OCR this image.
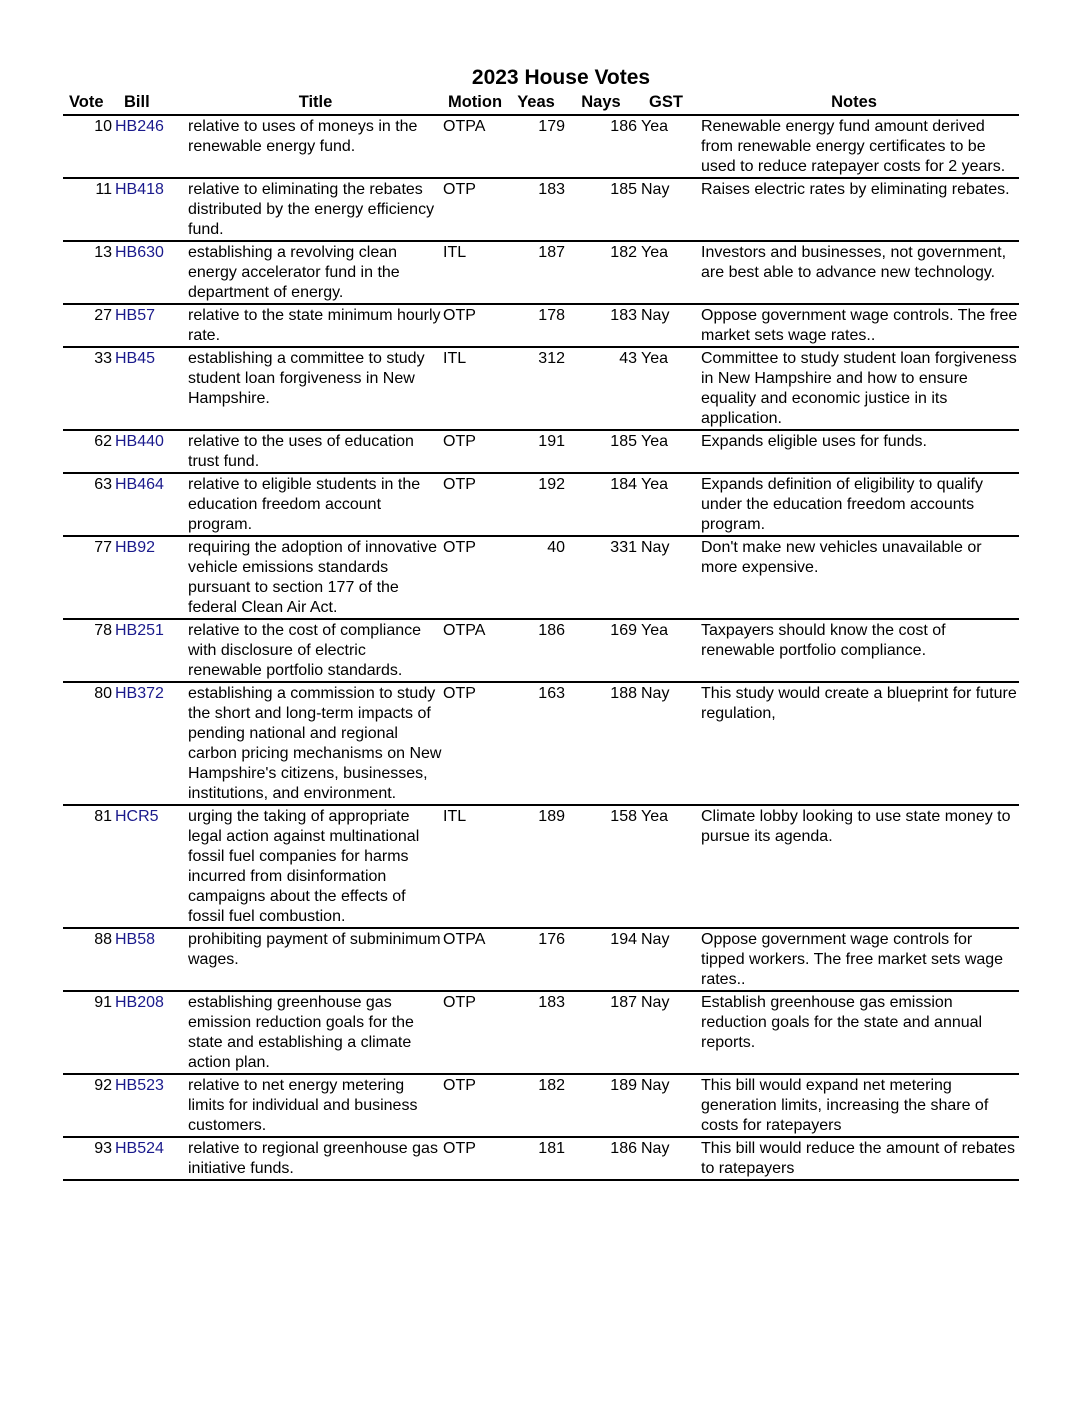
2023 House Votes
Vote	Bill	Title	Motion	Yeas	Nays	GST	Notes
10	HB246	relative to uses of moneys in the renewable energy fund.	OTPA	179	186	Yea	Renewable energy fund amount derived from renewable energy certificates to be used to reduce ratepayer costs for 2 years.
11	HB418	relative to eliminating the rebates distributed by the energy efficiency fund.	OTP	183	185	Nay	Raises electric rates by eliminating rebates.
13	HB630	establishing a revolving clean energy accelerator fund in the department of energy.	ITL	187	182	Yea	Investors and businesses, not government, are best able to advance new technology.
27	HB57	relative to the state minimum hourly rate.	OTP	178	183	Nay	Oppose government wage controls. The free market sets wage rates..
33	HB45	establishing a committee to study student loan forgiveness in New Hampshire.	ITL	312	43	Yea	Committee to study student loan forgiveness in New Hampshire and how to ensure equality and economic justice in its application.
62	HB440	relative to the uses of education trust fund.	OTP	191	185	Yea	Expands eligible uses for funds.
63	HB464	relative to eligible students in the education freedom account program.	OTP	192	184	Yea	Expands definition of eligibility to qualify under the education freedom accounts program.
77	HB92	requiring the adoption of innovative vehicle emissions standards pursuant to section 177 of the federal Clean Air Act.	OTP	40	331	Nay	Don't make new vehicles unavailable or more expensive.
78	HB251	relative to the cost of compliance with disclosure of electric renewable portfolio standards.	OTPA	186	169	Yea	Taxpayers should know the cost of renewable portfolio compliance.
80	HB372	establishing a commission to study the short and long-term impacts of pending national and regional carbon pricing mechanisms on New Hampshire's citizens, businesses, institutions, and environment.	OTP	163	188	Nay	This study would create a blueprint for future regulation,
81	HCR5	urging the taking of appropriate legal action against multinational fossil fuel companies for harms incurred from disinformation campaigns about the effects of fossil fuel combustion.	ITL	189	158	Yea	Climate lobby looking to use state money to pursue its agenda.
88	HB58	prohibiting payment of subminimum wages.	OTPA	176	194	Nay	Oppose government wage controls for tipped workers. The free market sets wage rates..
91	HB208	establishing greenhouse gas emission reduction goals for the state and establishing a climate action plan.	OTP	183	187	Nay	Establish greenhouse gas emission reduction goals for the state and annual reports.
92	HB523	relative to net energy metering limits for individual and business customers.	OTP	182	189	Nay	This bill would expand net metering generation limits, increasing the share of costs for ratepayers
93	HB524	relative to regional greenhouse gas initiative funds.	OTP	181	186	Nay	This bill would reduce the amount of rebates to ratepayers
